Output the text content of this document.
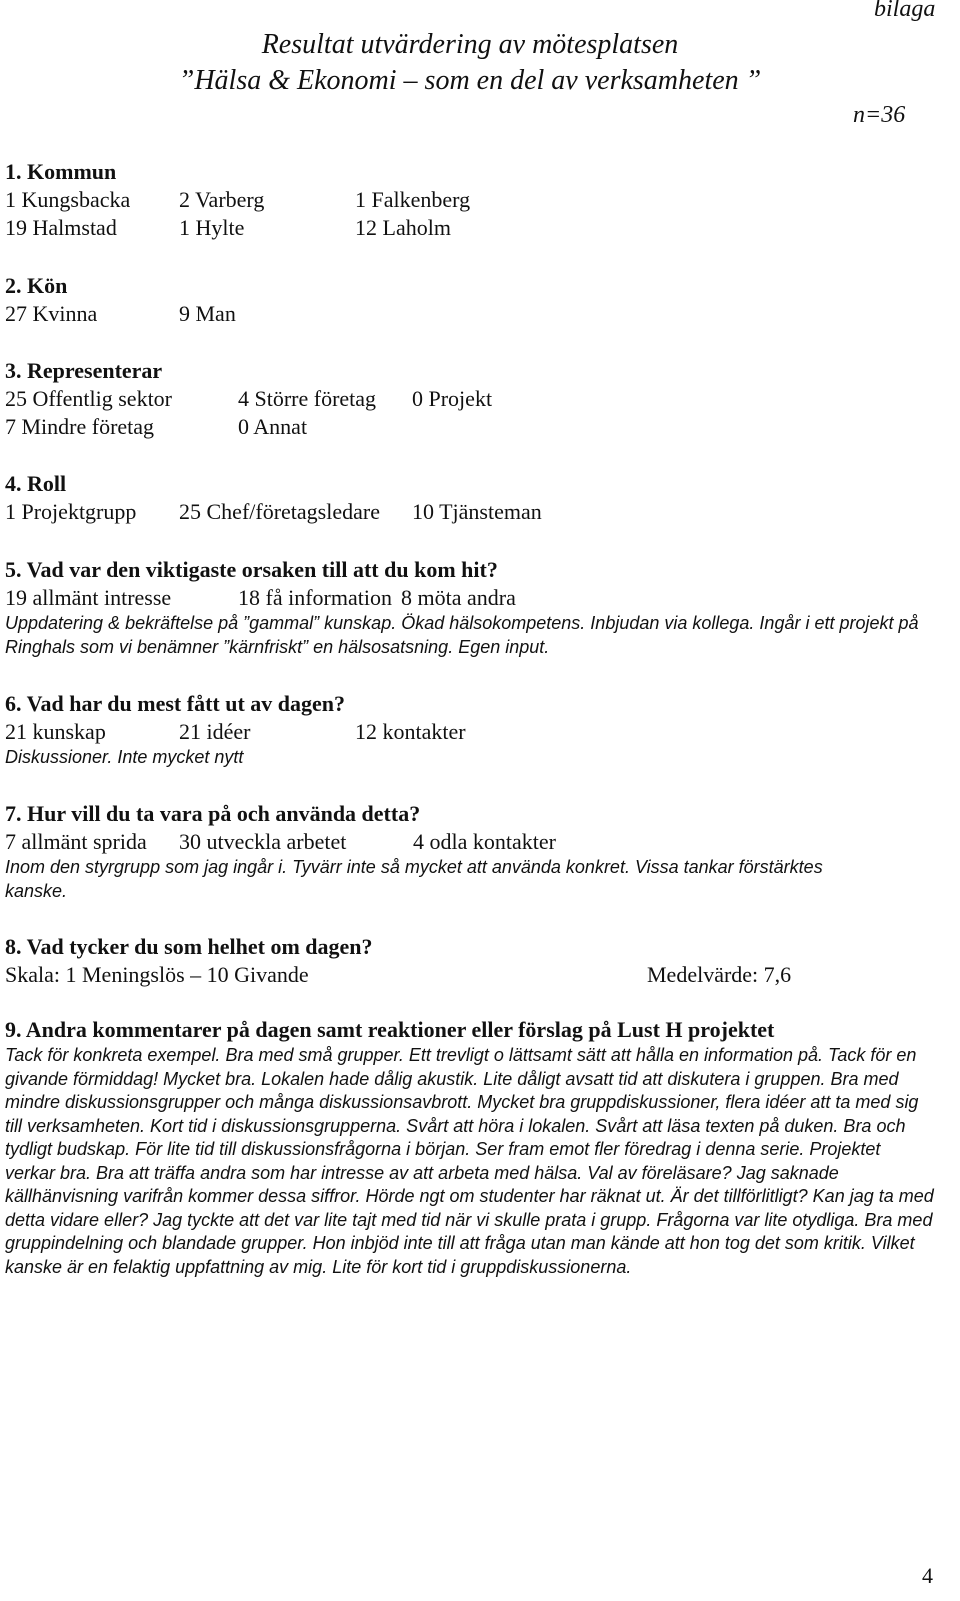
bilaga
Resultat utvärdering av mötesplatsen
”Hälsa & Ekonomi – som en del av verksamheten ”
n=36
1. Kommun
1 Kungsbacka 2 Varberg	1 Falkenberg
19 Halmstad	1 Hylte	12 Laholm
2. Kön
27 Kvinna	9 Man
3. Representerar
25 Offentlig sektor	4 Större företag 0 Projekt
7 Mindre företag	0 Annat
4. Roll
1 Projektgrupp 25 Chef/företagsledare 10 Tjänsteman
5. Vad var den viktigaste orsaken till att du kom hit?
19 allmänt intresse	18 få information 8 möta andra
Uppdatering & bekräftelse på ”gammal” kunskap. Ökad hälsokompetens. Inbjudan via kollega. Ingår i ett projekt på Ringhals som vi benämner ”kärnfriskt” en hälsosatsning. Egen input.
6. Vad har du mest fått ut av dagen?
21 kunskap	21 idéer	12 kontakter
Diskussioner. Inte mycket nytt
7. Hur vill du ta vara på och använda detta?
7 allmänt sprida 30 utveckla arbetet	4 odla kontakter
Inom den styrgrupp som jag ingår i. Tyvärr inte så mycket att använda konkret. Vissa tankar förstärktes kanske.
8. Vad tycker du som helhet om dagen?
Skala: 1 Meningslös – 10 Givande	Medelvärde: 7,6
9. Andra kommentarer på dagen samt reaktioner eller förslag på Lust H projektet
Tack för konkreta exempel. Bra med små grupper. Ett trevligt o lättsamt sätt att hålla en information på. Tack för en givande förmiddag! Mycket bra. Lokalen hade dålig akustik. Lite dåligt avsatt tid att diskutera i gruppen. Bra med mindre diskussionsgrupper och många diskussionsavbrott. Mycket bra gruppdiskussioner, flera idéer att ta med sig till verksamheten. Kort tid i diskussionsgrupperna. Svårt att höra i lokalen. Svårt att läsa texten på duken. Bra och tydligt budskap. För lite tid till diskussionsfrågorna i början. Ser fram emot fler föredrag i denna serie. Projektet verkar bra. Bra att träffa andra som har intresse av att arbeta med hälsa. Val av föreläsare? Jag saknade källhänvisning varifrån kommer dessa siffror. Hörde ngt om studenter har räknat ut. Är det tillförlitligt? Kan jag ta med detta vidare eller? Jag tyckte att det var lite tajt med tid när vi skulle prata i grupp. Frågorna var lite otydliga. Bra med gruppindelning och blandade grupper. Hon inbjöd inte till att fråga utan man kände att hon tog det som kritik. Vilket kanske är en felaktig uppfattning av mig. Lite för kort tid i gruppdiskussionerna.
4
